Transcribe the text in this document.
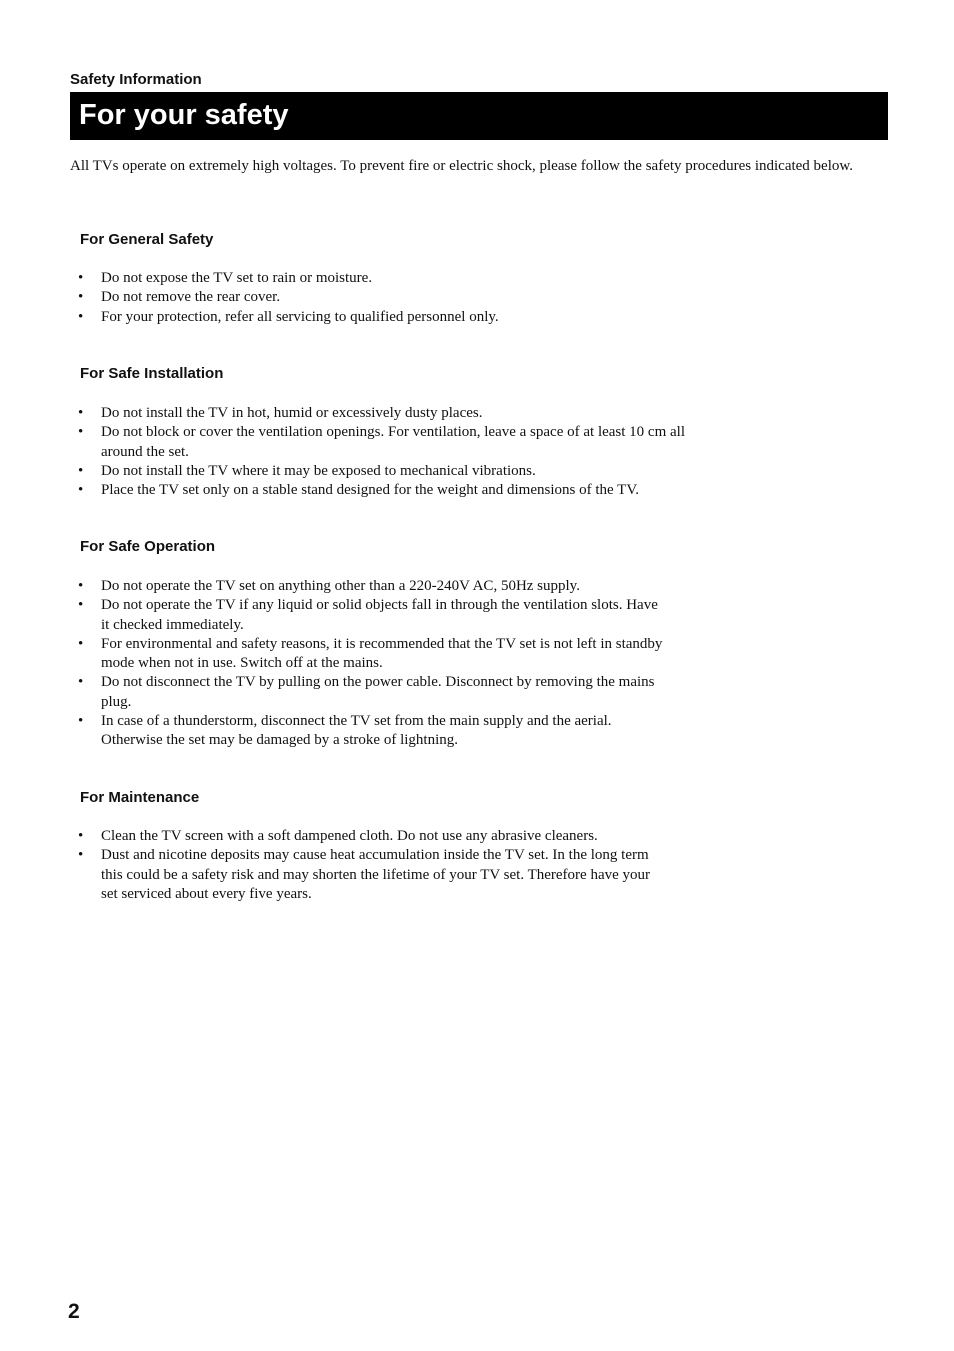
Safety Information
For your safety

All TVs operate on extremely high voltages. To prevent fire or electric shock, please follow the safety procedures indicated below.

For General Safety
•	Do not expose the TV set to rain or moisture.
•	Do not remove the rear cover.
•	For your protection, refer all servicing to qualified personnel only.
For Safe Installation
•	Do not install the TV in hot, humid or excessively dusty places.
•	Do not block or cover the ventilation openings. For ventilation, leave a space of at least 10 cm all around the set.
•	Do not install the TV where it may be exposed to mechanical vibrations.
•	Place the TV set only on a stable stand designed for the weight and dimensions of the TV.
For Safe Operation
•	Do not operate the TV set on anything other than a 220-240V AC, 50Hz supply.
•	Do not operate the TV if any liquid or solid objects fall in through the ventilation slots. Have it checked immediately.
•	For environmental and safety reasons, it is recommended that the TV set is not left in standby mode when not in use. Switch off at the mains.
•	Do not disconnect the TV by pulling on the power cable. Disconnect by removing the mains plug.
•	In case of a thunderstorm, disconnect the TV set from the main supply and the aerial. Otherwise the set may be damaged by a stroke of lightning.
For Maintenance
•	Clean the TV screen with a soft dampened cloth. Do not use any abrasive cleaners.
•	Dust and nicotine deposits may cause heat accumulation inside the TV set. In the long term this could be a safety risk and may shorten the lifetime of your TV set. Therefore have your set serviced about every five years.
2
